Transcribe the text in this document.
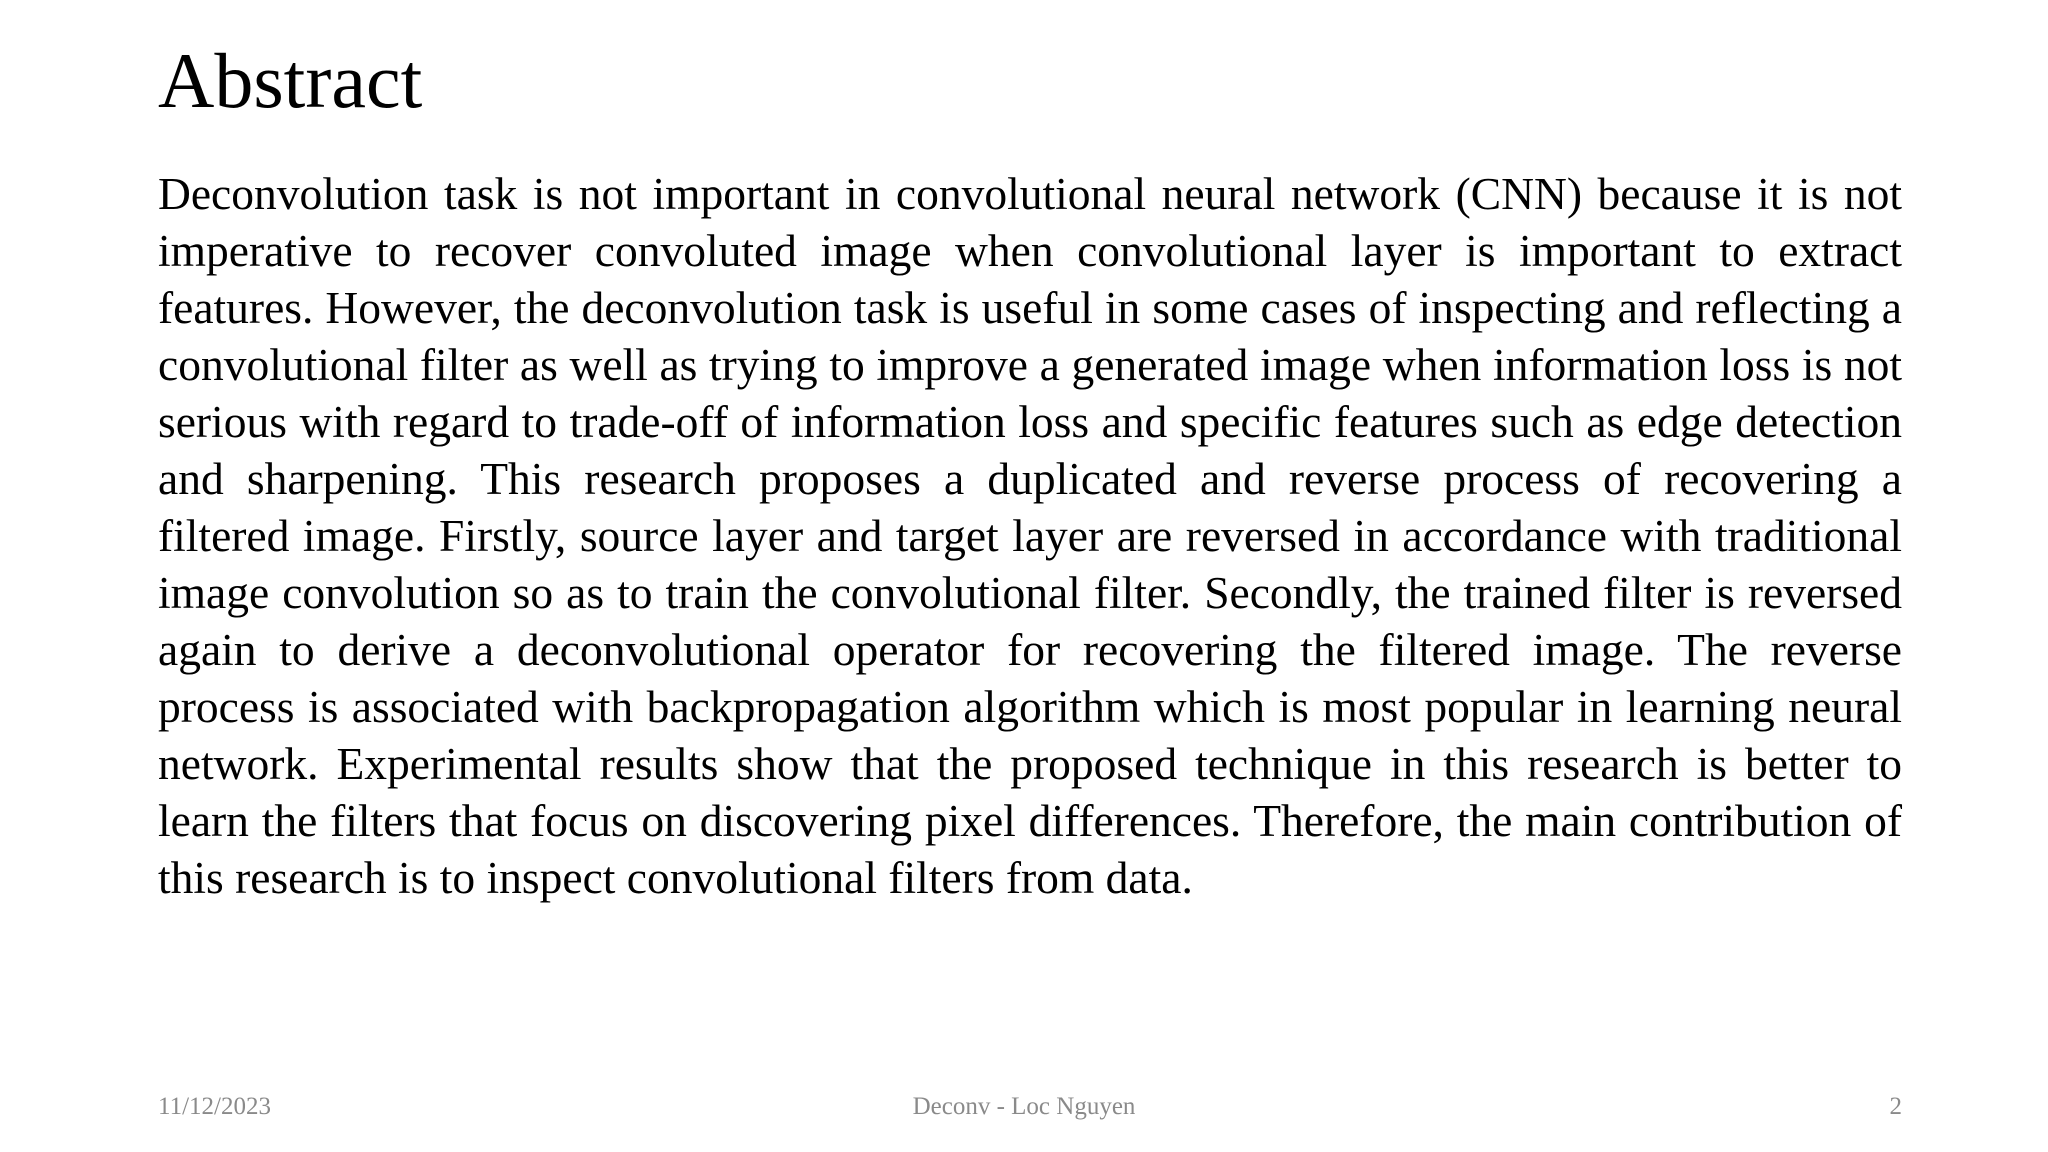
Abstract

Deconvolution task is not important in convolutional neural network (CNN) because it is not imperative to recover convoluted image when convolutional layer is important to extract features. However, the deconvolution task is useful in some cases of inspecting and reflecting a convolutional filter as well as trying to improve a generated image when information loss is not serious with regard to trade-off of information loss and specific features such as edge detection and sharpening. This research proposes a duplicated and reverse process of recovering a filtered image. Firstly, source layer and target layer are reversed in accordance with traditional image convolution so as to train the convolutional filter. Secondly, the trained filter is reversed again to derive a deconvolutional operator for recovering the filtered image. The reverse process is associated with backpropagation algorithm which is most popular in learning neural network. Experimental results show that the proposed technique in this research is better to learn the filters that focus on discovering pixel differences. Therefore, the main contribution of this research is to inspect convolutional filters from data.

11/12/2023	Deconv - Loc Nguyen	2
